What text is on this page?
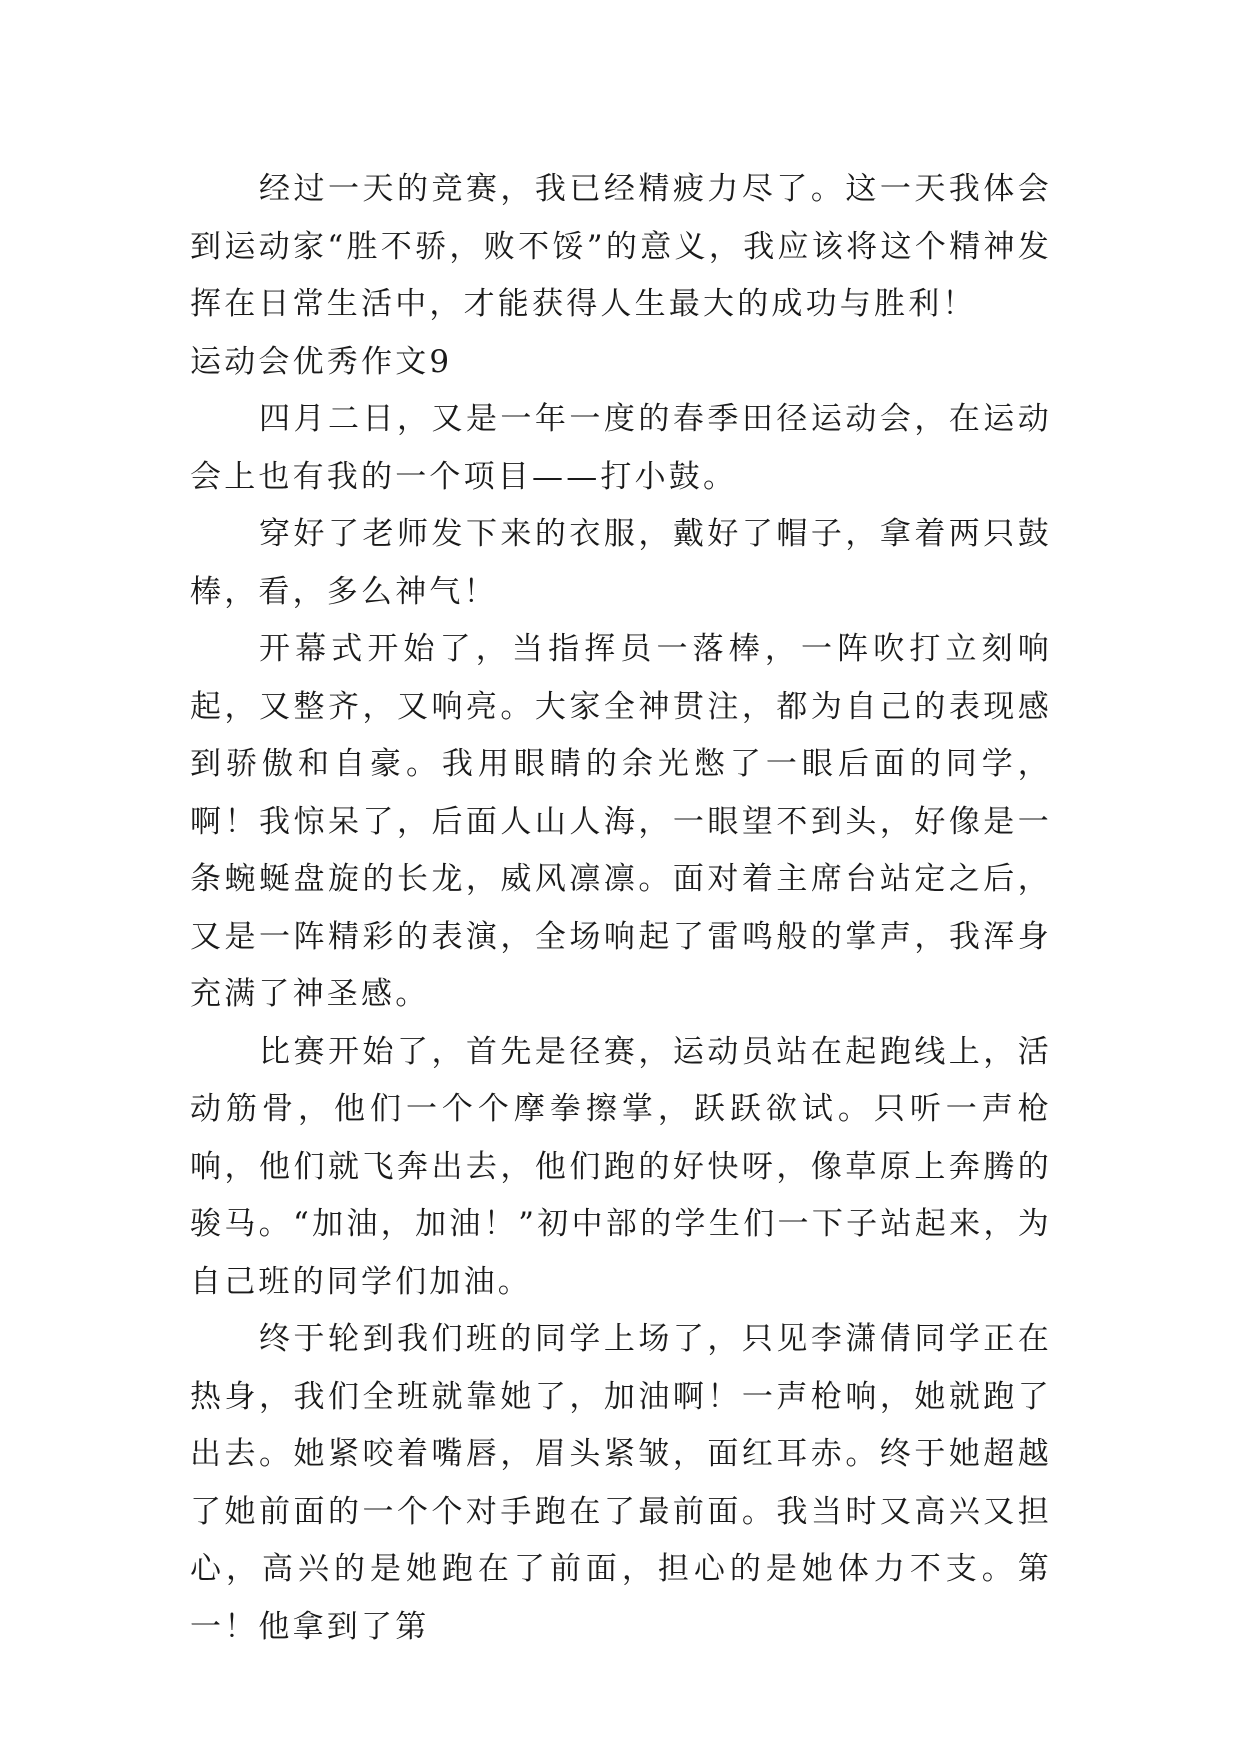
经过一天的竞赛，我已经精疲力尽了。这一天我体会到运动家“胜不骄，败不馁”的意义，我应该将这个精神发挥在日常生活中，才能获得人生最大的成功与胜利！

运动会优秀作文9

四月二日，又是一年一度的春季田径运动会，在运动会上也有我的一个项目——打小鼓。

穿好了老师发下来的衣服，戴好了帽子，拿着两只鼓棒，看，多么神气！

开幕式开始了，当指挥员一落棒，一阵吹打立刻响起，又整齐，又响亮。大家全神贯注，都为自己的表现感到骄傲和自豪。我用眼睛的余光憋了一眼后面的同学，啊！我惊呆了，后面人山人海，一眼望不到头，好像是一条蜿蜒盘旋的长龙，威风凛凛。面对着主席台站定之后，又是一阵精彩的表演，全场响起了雷鸣般的掌声，我浑身充满了神圣感。

比赛开始了，首先是径赛，运动员站在起跑线上，活动筋骨，他们一个个摩拳擦掌，跃跃欲试。只听一声枪响，他们就飞奔出去，他们跑的好快呀，像草原上奔腾的骏马。“加油，加油！”初中部的学生们一下子站起来，为自己班的同学们加油。

终于轮到我们班的同学上场了，只见李潇倩同学正在热身，我们全班就靠她了，加油啊！一声枪响，她就跑了出去。她紧咬着嘴唇，眉头紧皱，面红耳赤。终于她超越了她前面的一个个对手跑在了最前面。我当时又高兴又担心，高兴的是她跑在了前面，担心的是她体力不支。第一！他拿到了第
